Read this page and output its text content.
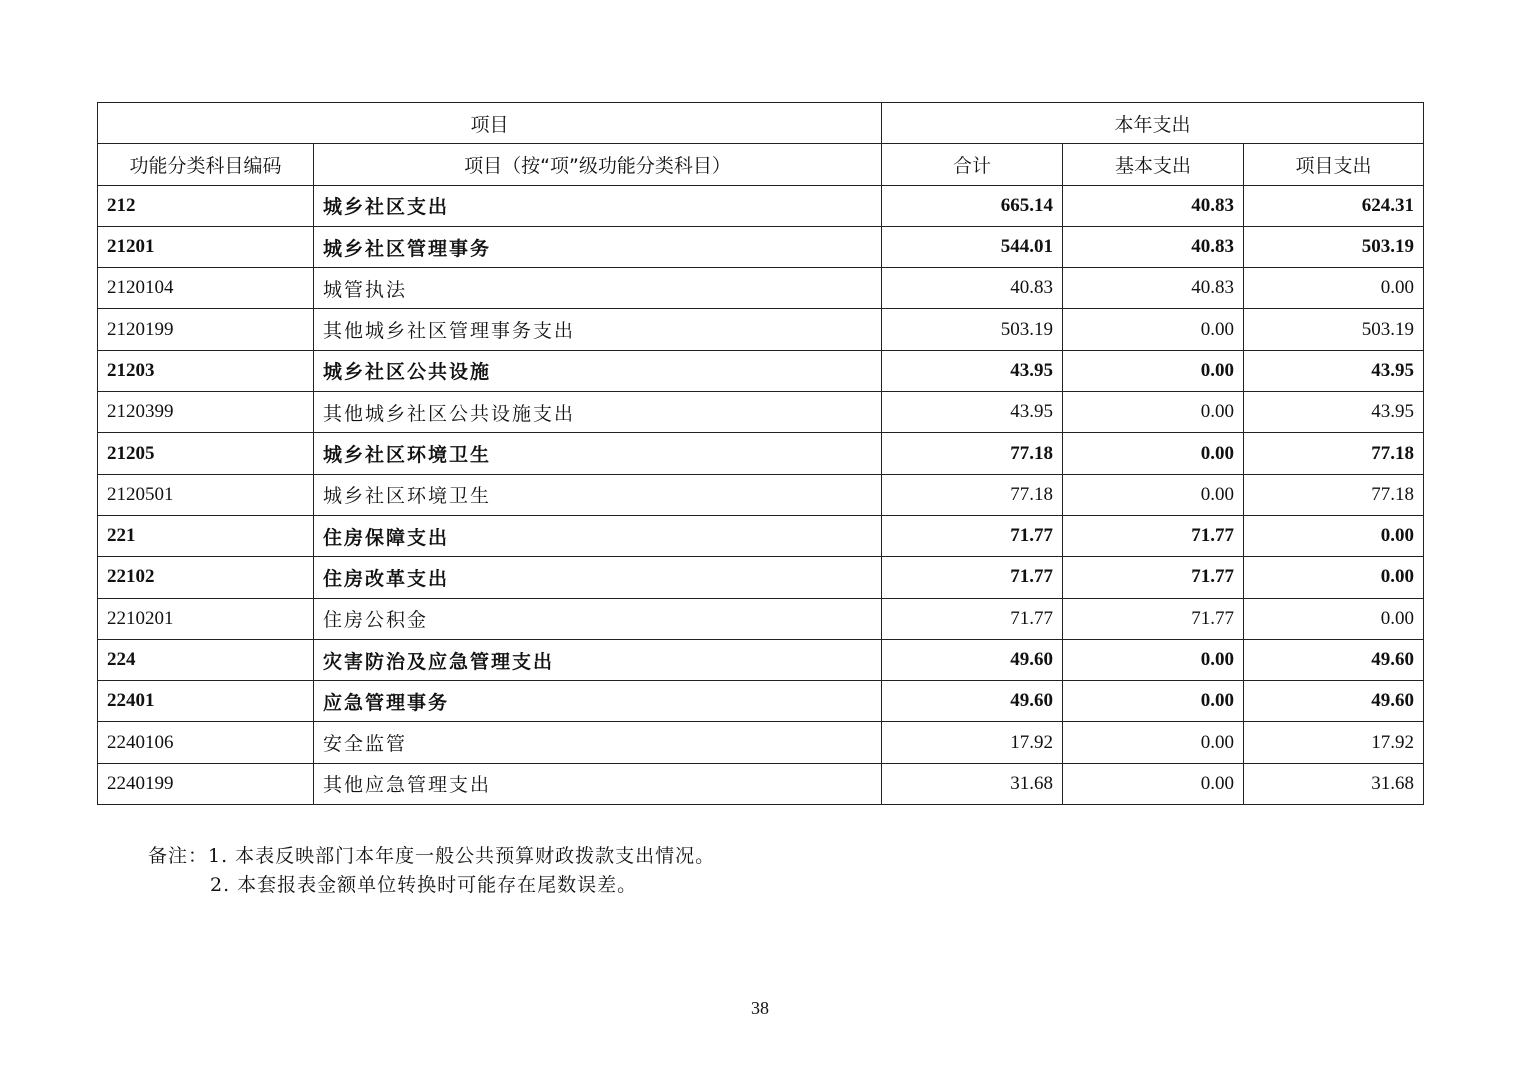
项目		本年支出		
功能分类科目编码	项目（按“项”级功能分类科目）	合计	基本支出	项目支出
212	城乡社区支出	665.14	40.83	624.31
21201	城乡社区管理事务	544.01	40.83	503.19
2120104	城管执法	40.83	40.83	0.00
2120199	其他城乡社区管理事务支出	503.19	0.00	503.19
21203	城乡社区公共设施	43.95	0.00	43.95
2120399	其他城乡社区公共设施支出	43.95	0.00	43.95
21205	城乡社区环境卫生	77.18	0.00	77.18
2120501	城乡社区环境卫生	77.18	0.00	77.18
221	住房保障支出	71.77	71.77	0.00
22102	住房改革支出	71.77	71.77	0.00
2210201	住房公积金	71.77	71.77	0.00
224	灾害防治及应急管理支出	49.60	0.00	49.60
22401	应急管理事务	49.60	0.00	49.60
2240106	安全监管	17.92	0.00	17.92
2240199	其他应急管理支出	31.68	0.00	31.68
备注：1. 本表反映部门本年度一般公共预算财政拨款支出情况。
2. 本套报表金额单位转换时可能存在尾数误差。
38
